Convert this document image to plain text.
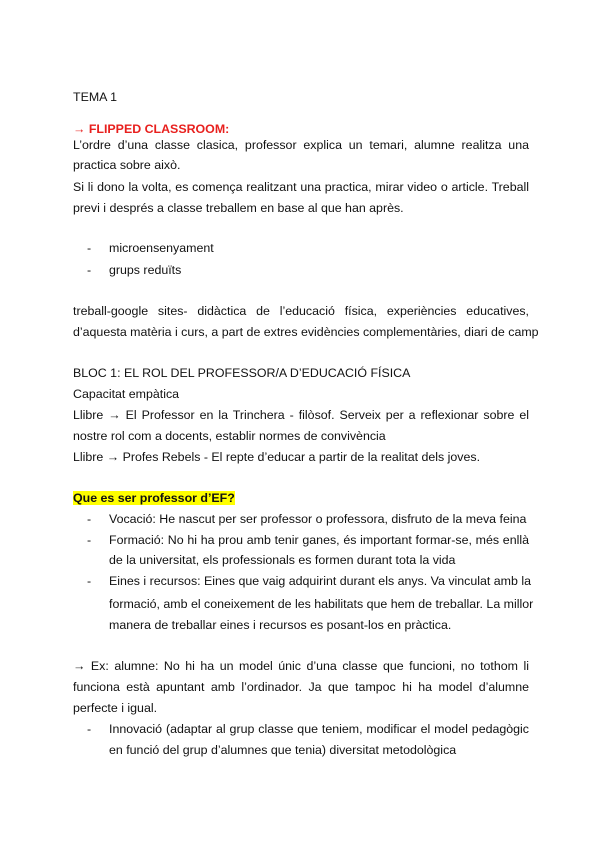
TEMA 1
→ FLIPPED CLASSROOM:
L’ordre d’una classe clasica, professor explica un temari, alumne realitza una
practica sobre això.
Si li dono la volta, es comença realitzant una practica, mirar video o article. Treball
previ i després a classe treballem en base al que han après.
- microensenyament
- grups reduïts
treball-google sites- didàctica de l’educació física, experiències educatives,
d’aquesta matèria i curs, a part de extres evidències complementàries, diari de camp
BLOC 1: EL ROL DEL PROFESSOR/A D’EDUCACIÓ FÍSICA
Capacitat empàtica
Llibre → El Professor en la Trinchera - filòsof. Serveix per a reflexionar sobre el
nostre rol com a docents, establir normes de convivència
Llibre → Profes Rebels - El repte d’educar a partir de la realitat dels joves.
Que es ser professor d’EF?
- Vocació: He nascut per ser professor o professora, disfruto de la meva feina
- Formació: No hi ha prou amb tenir ganes, és important formar-se, més enllà
de la universitat, els professionals es formen durant tota la vida
- Eines i recursos: Eines que vaig adquirint durant els anys. Va vinculat amb la
formació, amb el coneixement de les habilitats que hem de treballar. La millor
manera de treballar eines i recursos es posant-los en pràctica.
→ Ex: alumne: No hi ha un model únic d’una classe que funcioni, no tothom li
funciona està apuntant amb l’ordinador. Ja que tampoc hi ha model d’alumne
perfecte i igual.
- Innovació (adaptar al grup classe que teniem, modificar el model pedagògic
en funció del grup d’alumnes que tenia) diversitat metodològica
